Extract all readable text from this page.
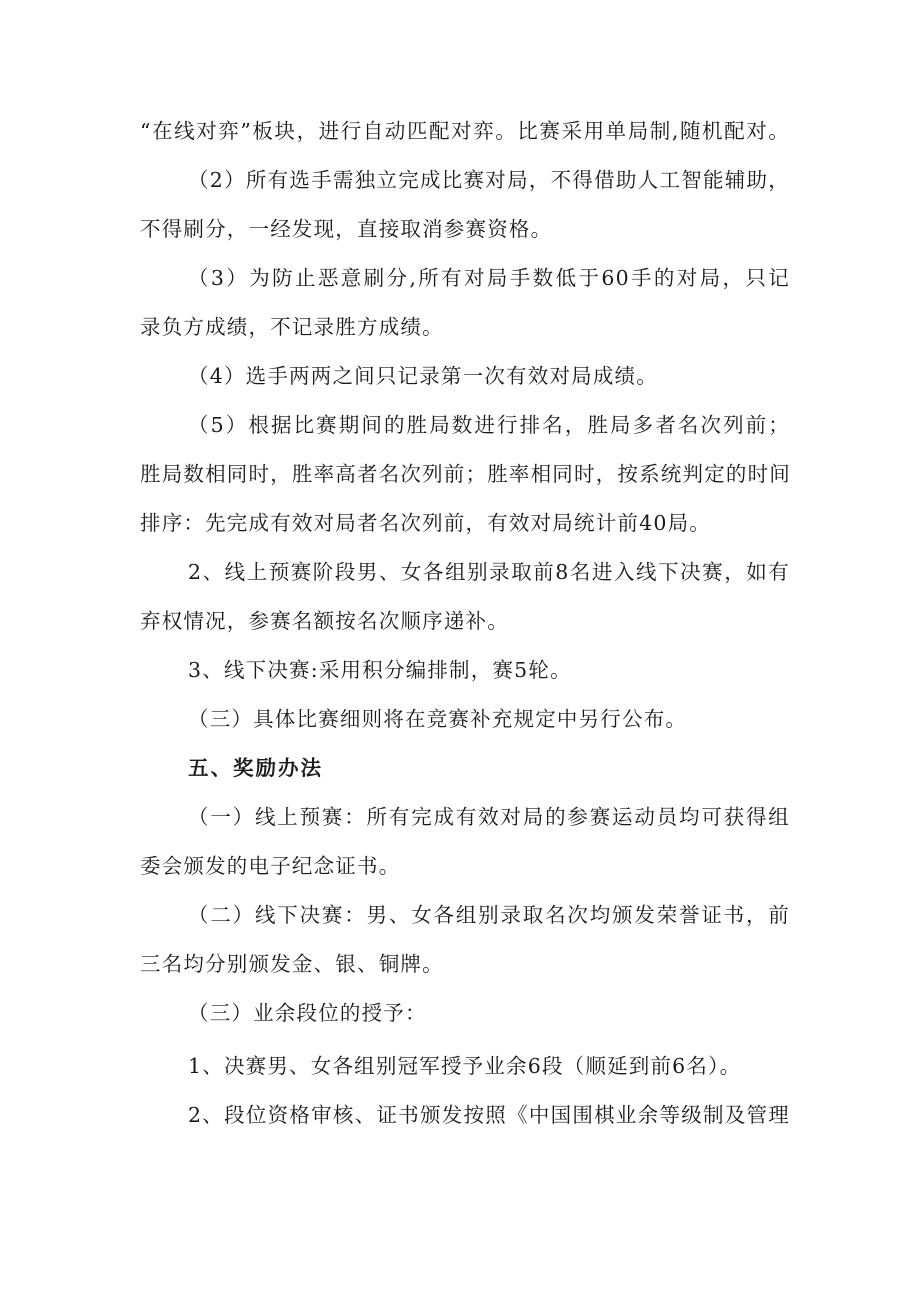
“在线对弈”板块，进行自动匹配对弈。比赛采用单局制,随机配对。
（2）所有选手需独立完成比赛对局，不得借助人工智能辅助，
不得刷分，一经发现，直接取消参赛资格。
（3）为防止恶意刷分,所有对局手数低于60手的对局，只记
录负方成绩，不记录胜方成绩。
（4）选手两两之间只记录第一次有效对局成绩。
（5）根据比赛期间的胜局数进行排名，胜局多者名次列前；
胜局数相同时，胜率高者名次列前；胜率相同时，按系统判定的时间
排序：先完成有效对局者名次列前，有效对局统计前40局。
2、线上预赛阶段男、女各组别录取前8名进入线下决赛，如有
弃权情况，参赛名额按名次顺序递补。
3、线下决赛:采用积分编排制，赛5轮。
（三）具体比赛细则将在竞赛补充规定中另行公布。
五、奖励办法
（一）线上预赛：所有完成有效对局的参赛运动员均可获得组
委会颁发的电子纪念证书。
（二）线下决赛：男、女各组别录取名次均颁发荣誉证书，前
三名均分别颁发金、银、铜牌。
（三）业余段位的授予：
1、决赛男、女各组别冠军授予业余6段（顺延到前6名）。
2、段位资格审核、证书颁发按照《中国围棋业余等级制及管理
